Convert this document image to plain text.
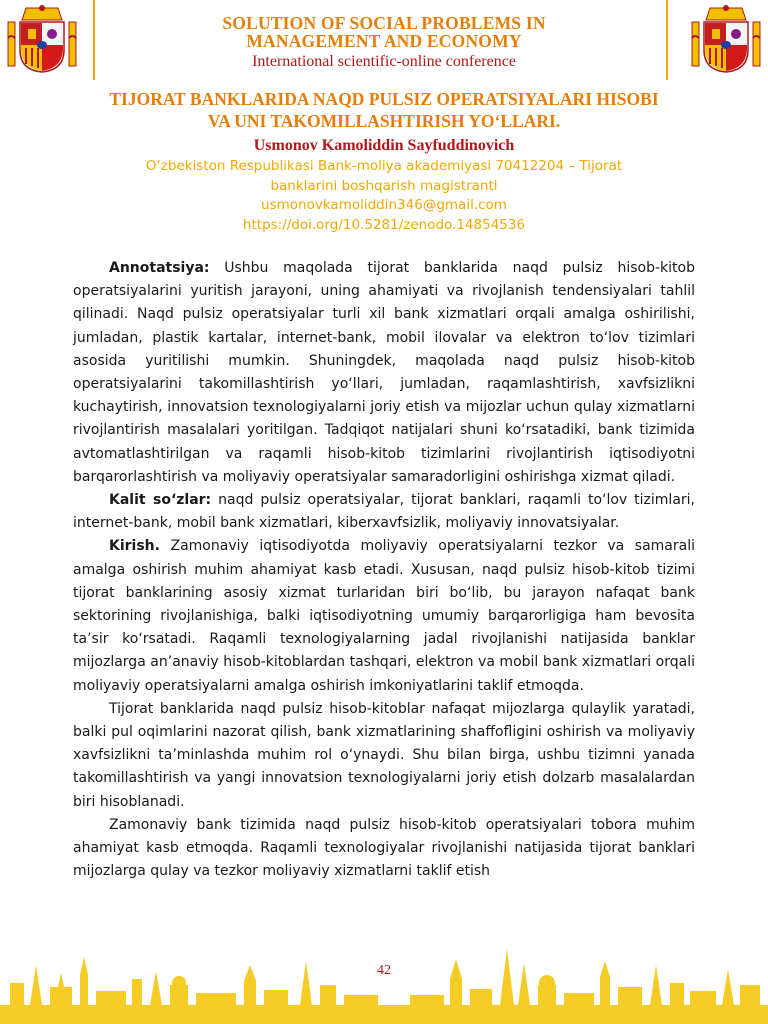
SOLUTION OF SOCIAL PROBLEMS IN
MANAGEMENT AND ECONOMY
International scientific-online conference
TIJORAT BANKLARIDA NAQD PULSIZ OPERATSIYALARI HISOBI
VA UNI TAKOMILLASHTIRISH YO‘LLARI.
Usmonov Kamoliddin Sayfuddinovich
O‘zbekiston Respublikasi Bank-moliya akademiyasi 70412204 – Tijorat
banklarini boshqarish magistranti
usmonovkamoliddin346@gmail.com
https://doi.org/10.5281/zenodo.14854536

Annotatsiya: Ushbu maqolada tijorat banklarida naqd pulsiz hisob-kitob operatsiyalarini yuritish jarayoni, uning ahamiyati va rivojlanish tendensiyalari tahlil qilinadi. Naqd pulsiz operatsiyalar turli xil bank xizmatlari orqali amalga oshirilishi, jumladan, plastik kartalar, internet-bank, mobil ilovalar va elektron to‘lov tizimlari asosida yuritilishi mumkin. Shuningdek, maqolada naqd pulsiz hisob-kitob operatsiyalarini takomillashtirish yo‘llari, jumladan, raqamlashtirish, xavfsizlikni kuchaytirish, innovatsion texnologiyalarni joriy etish va mijozlar uchun qulay xizmatlarni rivojlantirish masalalari yoritilgan. Tadqiqot natijalari shuni ko‘rsatadiki, bank tizimida avtomatlashtirilgan va raqamli hisob-kitob tizimlarini rivojlantirish iqtisodiyotni barqarorlashtirish va moliyaviy operatsiyalar samaradorligini oshirishga xizmat qiladi.

Kalit so‘zlar: naqd pulsiz operatsiyalar, tijorat banklari, raqamli to‘lov tizimlari, internet-bank, mobil bank xizmatlari, kiberxavfsizlik, moliyaviy innovatsiyalar.

Kirish. Zamonaviy iqtisodiyotda moliyaviy operatsiyalarni tezkor va samarali amalga oshirish muhim ahamiyat kasb etadi. Xususan, naqd pulsiz hisob-kitob tizimi tijorat banklarining asosiy xizmat turlaridan biri bo‘lib, bu jarayon nafaqat bank sektorining rivojlanishiga, balki iqtisodiyotning umumiy barqarorligiga ham bevosita ta’sir ko‘rsatadi. Raqamli texnologiyalarning jadal rivojlanishi natijasida banklar mijozlarga an’anaviy hisob-kitoblardan tashqari, elektron va mobil bank xizmatlari orqali moliyaviy operatsiyalarni amalga oshirish imkoniyatlarini taklif etmoqda.

Tijorat banklarida naqd pulsiz hisob-kitoblar nafaqat mijozlarga qulaylik yaratadi, balki pul oqimlarini nazorat qilish, bank xizmatlarining shaffofligini oshirish va moliyaviy xavfsizlikni ta’minlashda muhim rol o‘ynaydi. Shu bilan birga, ushbu tizimni yanada takomillashtirish va yangi innovatsion texnologiyalarni joriy etish dolzarb masalalardan biri hisoblanadi.

Zamonaviy bank tizimida naqd pulsiz hisob-kitob operatsiyalari tobora muhim ahamiyat kasb etmoqda. Raqamli texnologiyalar rivojlanishi natijasida tijorat banklari mijozlarga qulay va tezkor moliyaviy xizmatlarni taklif etish

42
